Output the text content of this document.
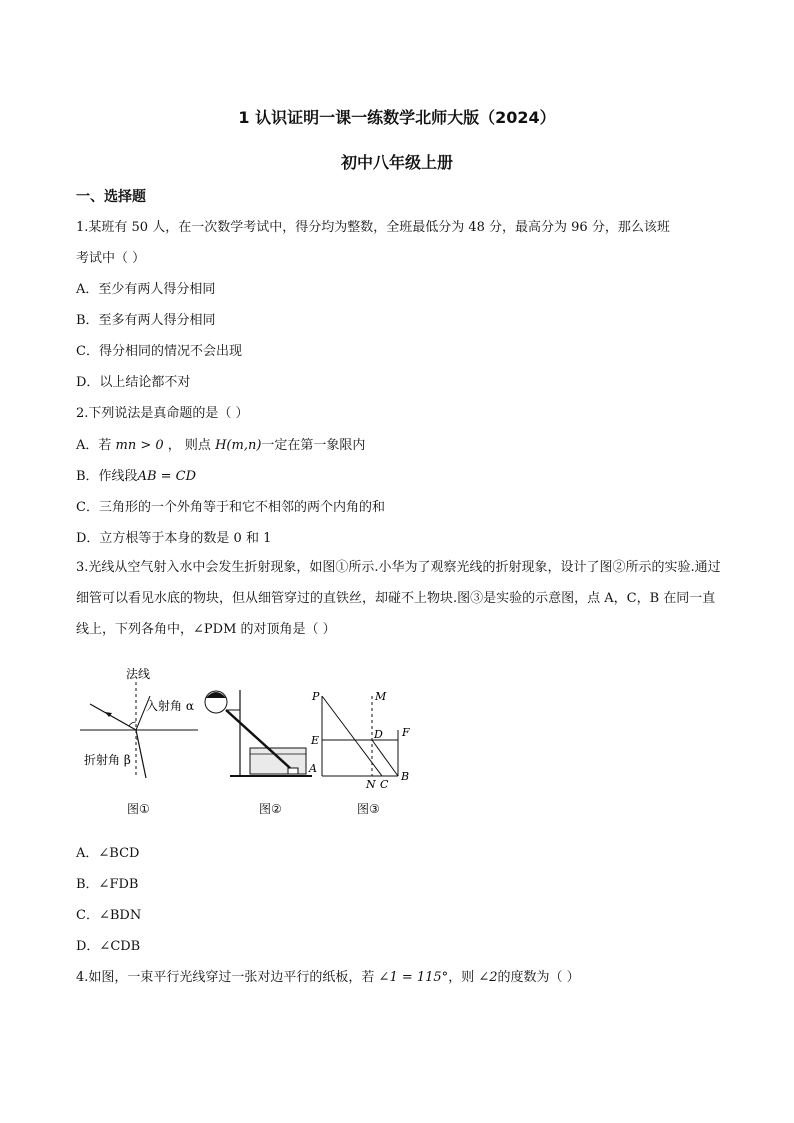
1 认识证明一课一练数学北师大版（2024）
初中八年级上册
一、选择题
1.某班有 50 人，在一次数学考试中，得分均为整数，全班最低分为 48 分，最高分为 96 分，那么该班
考试中（ ）
A．至少有两人得分相同
B．至多有两人得分相同
C．得分相同的情况不会出现
D．以上结论都不对
2.下列说法是真命题的是（ ）
A．若 mn > 0 ， 则点 H(m,n)一定在第一象限内
B．作线段AB = CD
C．三角形的一个外角等于和它不相邻的两个内角的和
D．立方根等于本身的数是 0 和 1
3.光线从空气射入水中会发生折射现象，如图①所示.小华为了观察光线的折射现象，设计了图②所示的实验.通过细管可以看见水底的物块，但从细管穿过的直铁丝，却碰不上物块.图③是实验的示意图，点 A，C，B 在同一直线上，下列各角中，∠PDM 的对顶角是（ ）
法线
入射角 α
折射角 β
A
P	M
E	D F
N C
B
图①	图②	图③
A．∠BCD
B．∠FDB
C．∠BDN
D．∠CDB
4.如图，一束平行光线穿过一张对边平行的纸板，若 ∠1 = 115°，则 ∠2的度数为（ ）
